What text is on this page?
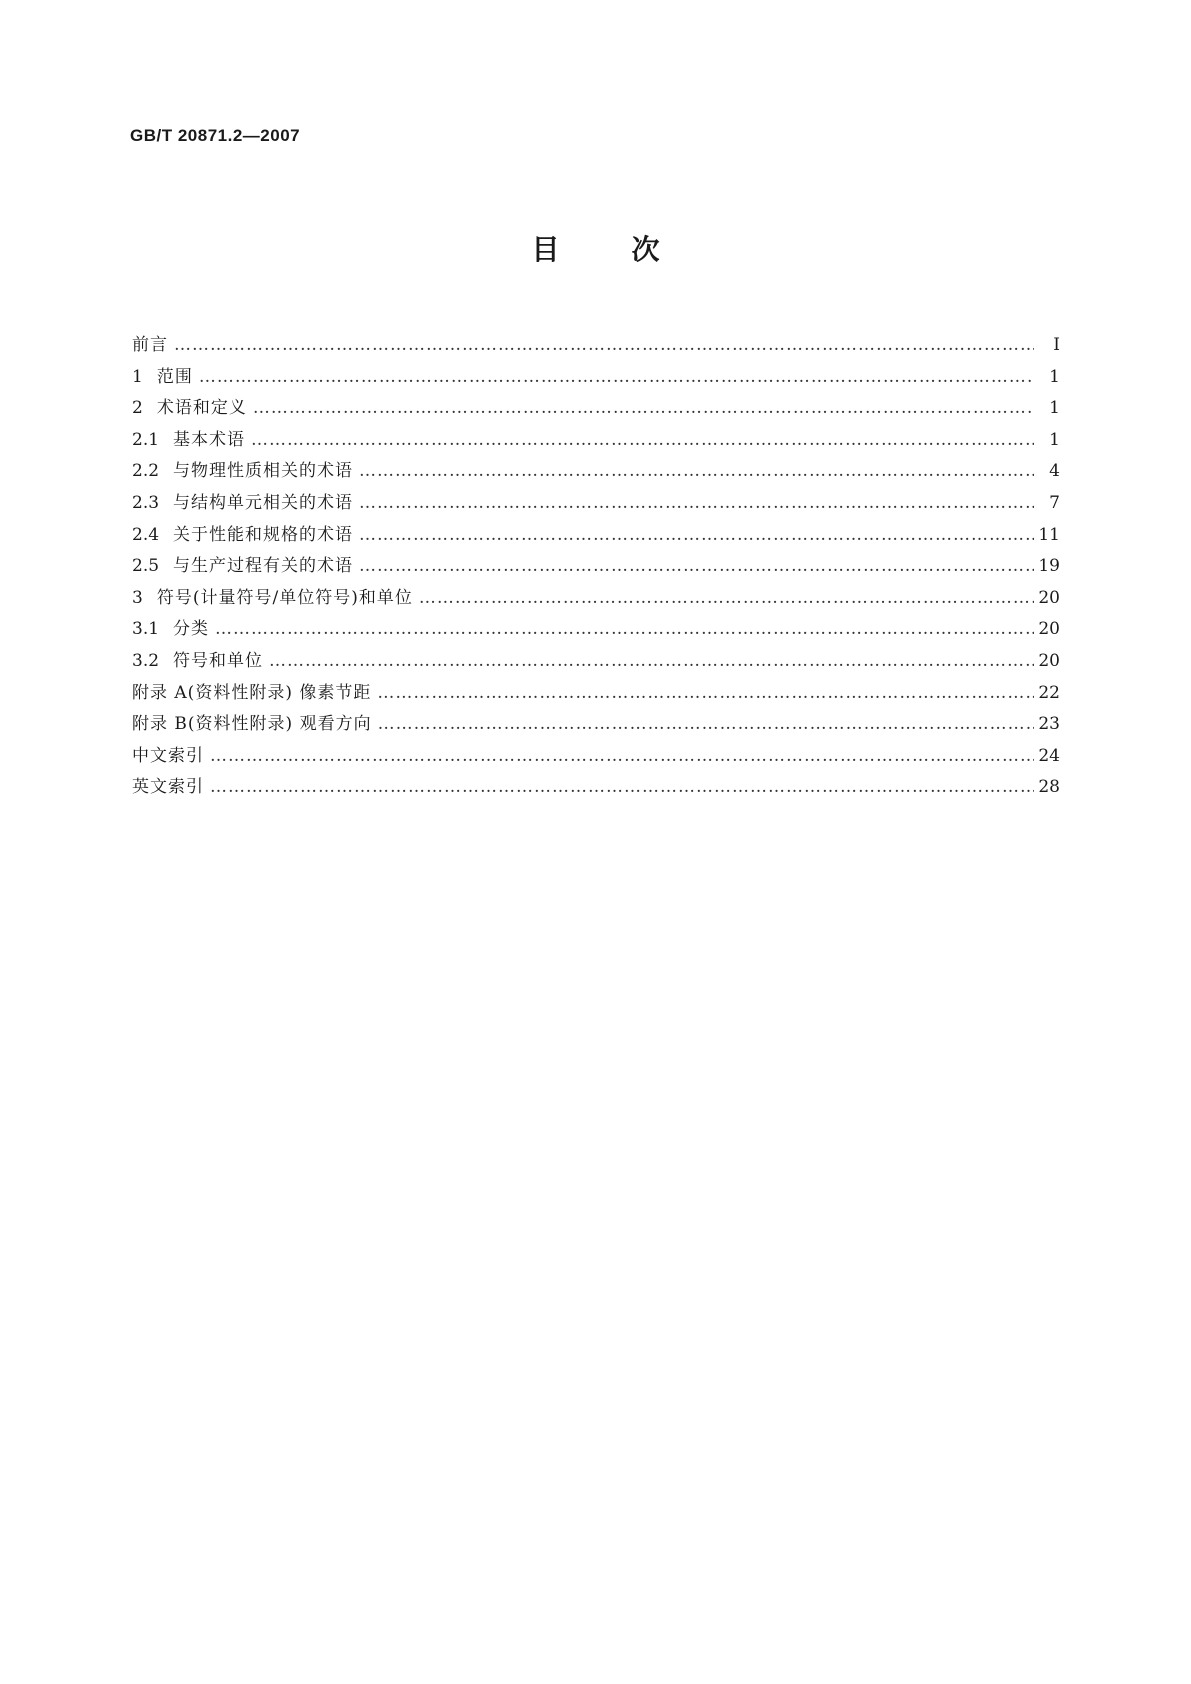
GB/T 20871.2—2007
目	次
前言 ………………………………………………………………………………………………………………………………………………………………………………………………………………	Ⅰ
1 范围 ………………………………………………………………………………………………………………………………………………………………………………………………………………	1
2 术语和定义 ………………………………………………………………………………………………………………………………………………………………………………………………………………	1
2.1 基本术语 ………………………………………………………………………………………………………………………………………………………………………………………………………………	1
2.2 与物理性质相关的术语 ………………………………………………………………………………………………………………………………………………………………………………………………………………	4
2.3 与结构单元相关的术语 ………………………………………………………………………………………………………………………………………………………………………………………………………………	7
2.4 关于性能和规格的术语 ………………………………………………………………………………………………………………………………………………………………………………………………………………	11
2.5 与生产过程有关的术语 ………………………………………………………………………………………………………………………………………………………………………………………………………………	19
3 符号(计量符号/单位符号)和单位 ………………………………………………………………………………………………………………………………………………………………………………………………………………	20
3.1 分类 ………………………………………………………………………………………………………………………………………………………………………………………………………………	20
3.2 符号和单位 ………………………………………………………………………………………………………………………………………………………………………………………………………………	20
附录 A(资料性附录) 像素节距 ………………………………………………………………………………………………………………………………………………………………………………………………………………	22
附录 B(资料性附录) 观看方向 ………………………………………………………………………………………………………………………………………………………………………………………………………………	23
中文索引 ………………………………………………………………………………………………………………………………………………………………………………………………………………	24
英文索引 ………………………………………………………………………………………………………………………………………………………………………………………………………………	28
